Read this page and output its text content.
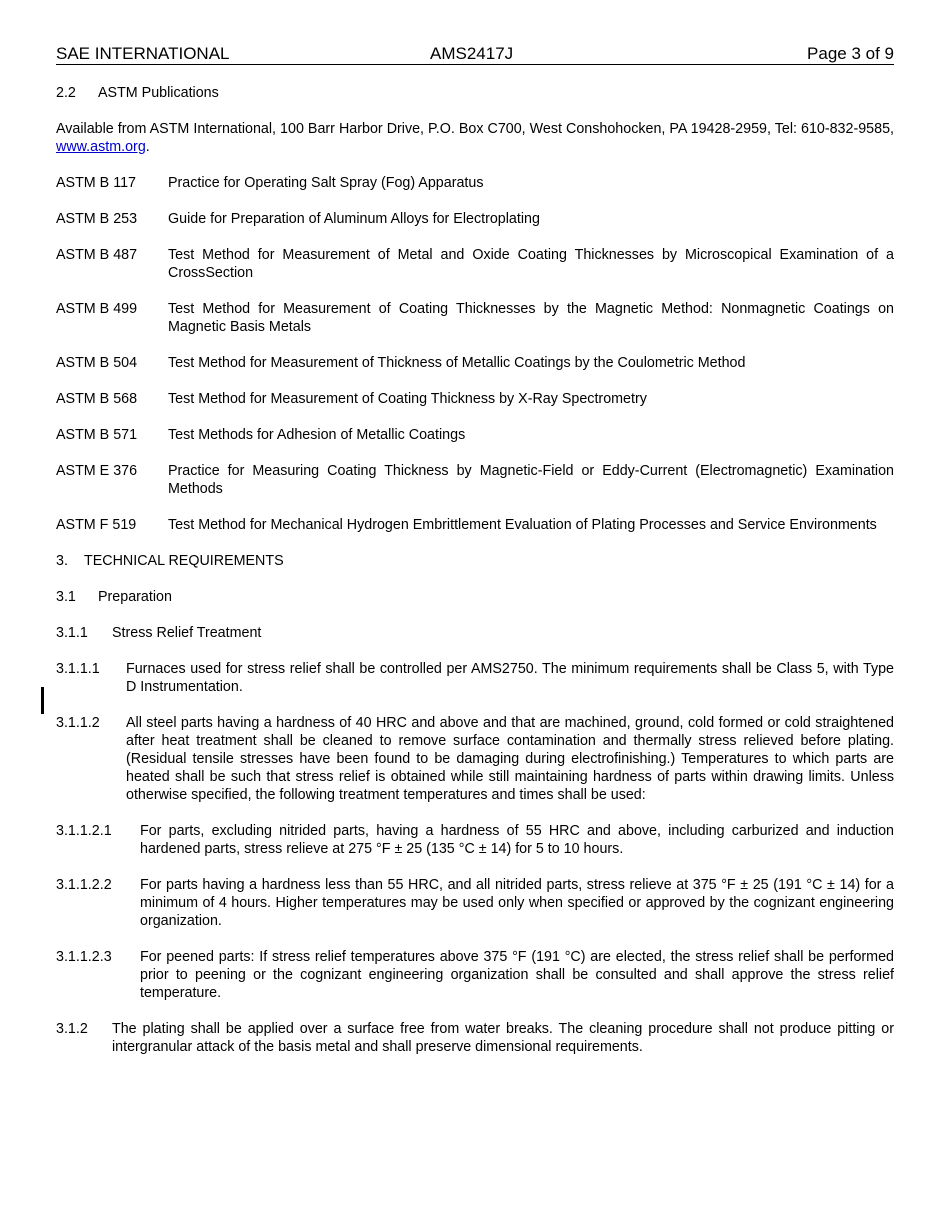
SAE INTERNATIONAL	AMS2417J	Page 3 of 9
2.2 ASTM Publications

Available from ASTM International, 100 Barr Harbor Drive, P.O. Box C700, West Conshohocken, PA 19428-2959, Tel: 610-832-9585, www.astm.org.

ASTM B 117	Practice for Operating Salt Spray (Fog) Apparatus
ASTM B 253	Guide for Preparation of Aluminum Alloys for Electroplating
ASTM B 487	Test Method for Measurement of Metal and Oxide Coating Thicknesses by Microscopical Examination of a CrossSection
ASTM B 499	Test Method for Measurement of Coating Thicknesses by the Magnetic Method: Nonmagnetic Coatings on Magnetic Basis Metals
ASTM B 504	Test Method for Measurement of Thickness of Metallic Coatings by the Coulometric Method
ASTM B 568	Test Method for Measurement of Coating Thickness by X-Ray Spectrometry
ASTM B 571	Test Methods for Adhesion of Metallic Coatings
ASTM E 376	Practice for Measuring Coating Thickness by Magnetic-Field or Eddy-Current (Electromagnetic) Examination Methods
ASTM F 519	Test Method for Mechanical Hydrogen Embrittlement Evaluation of Plating Processes and Service Environments
3. TECHNICAL REQUIREMENTS
3.1 Preparation
3.1.1 Stress Relief Treatment
3.1.1.1	Furnaces used for stress relief shall be controlled per AMS2750. The minimum requirements shall be Class 5, with Type D Instrumentation.
3.1.1.2	All steel parts having a hardness of 40 HRC and above and that are machined, ground, cold formed or cold straightened after heat treatment shall be cleaned to remove surface contamination and thermally stress relieved before plating. (Residual tensile stresses have been found to be damaging during electrofinishing.) Temperatures to which parts are heated shall be such that stress relief is obtained while still maintaining hardness of parts within drawing limits. Unless otherwise specified, the following treatment temperatures and times shall be used:
3.1.1.2.1	For parts, excluding nitrided parts, having a hardness of 55 HRC and above, including carburized and induction hardened parts, stress relieve at 275 °F ± 25 (135 °C ± 14) for 5 to 10 hours.
3.1.1.2.2	For parts having a hardness less than 55 HRC, and all nitrided parts, stress relieve at 375 °F ± 25 (191 °C ± 14) for a minimum of 4 hours. Higher temperatures may be used only when specified or approved by the cognizant engineering organization.
3.1.1.2.3	For peened parts: If stress relief temperatures above 375 °F (191 °C) are elected, the stress relief shall be performed prior to peening or the cognizant engineering organization shall be consulted and shall approve the stress relief temperature.
3.1.2	The plating shall be applied over a surface free from water breaks. The cleaning procedure shall not produce pitting or intergranular attack of the basis metal and shall preserve dimensional requirements.
